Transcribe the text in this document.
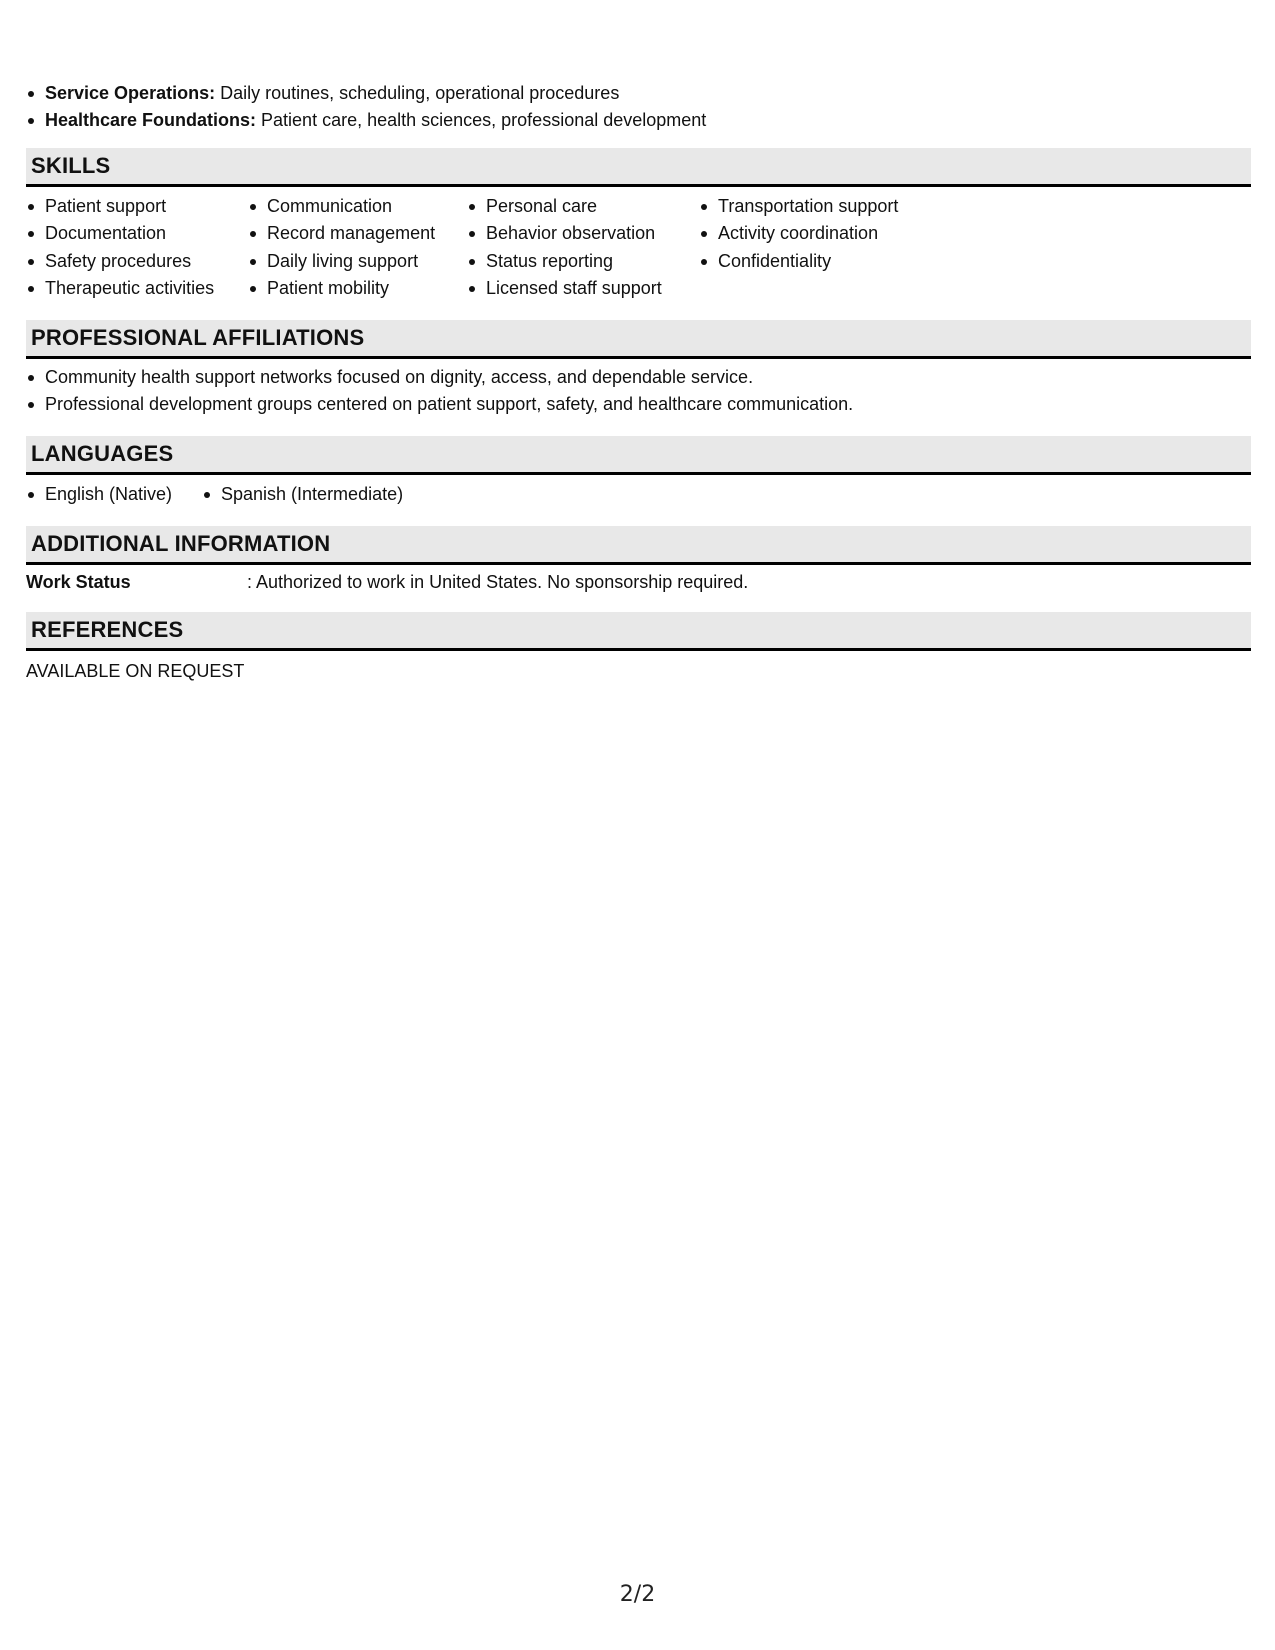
Service Operations: Daily routines, scheduling, operational procedures
Healthcare Foundations: Patient care, health sciences, professional development
SKILLS
Patient support
Documentation
Safety procedures
Therapeutic activities
Communication
Record management
Daily living support
Patient mobility
Personal care
Behavior observation
Status reporting
Licensed staff support
Transportation support
Activity coordination
Confidentiality
PROFESSIONAL AFFILIATIONS
Community health support networks focused on dignity, access, and dependable service.
Professional development groups centered on patient support, safety, and healthcare communication.
LANGUAGES
English (Native)	Spanish (Intermediate)
ADDITIONAL INFORMATION
Work Status	: Authorized to work in United States. No sponsorship required.
REFERENCES
AVAILABLE ON REQUEST
2/2
